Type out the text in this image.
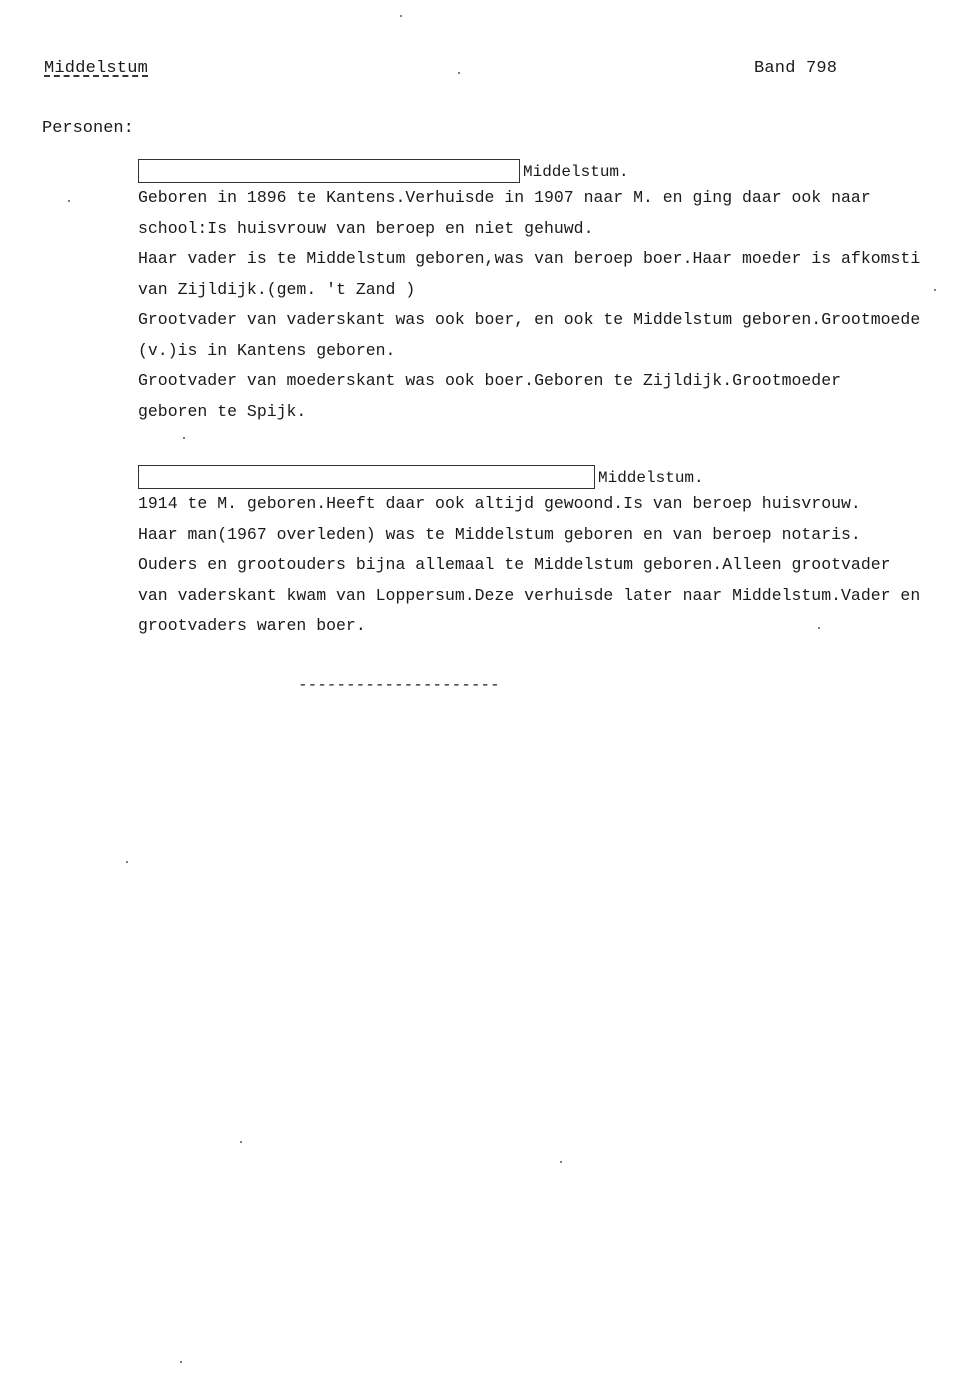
Middelstum	Band 798
Personen:
Middelstum.
Geboren in 1896 te Kantens.Verhuisde in 1907 naar M. en ging daar ook naar
school:Is huisvrouw van beroep en niet gehuwd.
Haar vader is te Middelstum geboren,was van beroep boer.Haar moeder is afkomsti
van Zijldijk.(gem. 't Zand )
Grootvader van vaderskant was ook boer, en ook te Middelstum geboren.Grootmoede
(v.)is in Kantens geboren.
Grootvader van moederskant was ook boer.Geboren te Zijldijk.Grootmoeder
geboren te Spijk.
Middelstum.
1914 te M. geboren.Heeft daar ook altijd gewoond.Is van beroep huisvrouw.
Haar man(1967 overleden) was te Middelstum geboren en van beroep notaris.
Ouders en grootouders bijna allemaal te Middelstum geboren.Alleen grootvader
van vaderskant kwam van Loppersum.Deze verhuisde later naar Middelstum.Vader en
grootvaders waren boer.
---------------------
